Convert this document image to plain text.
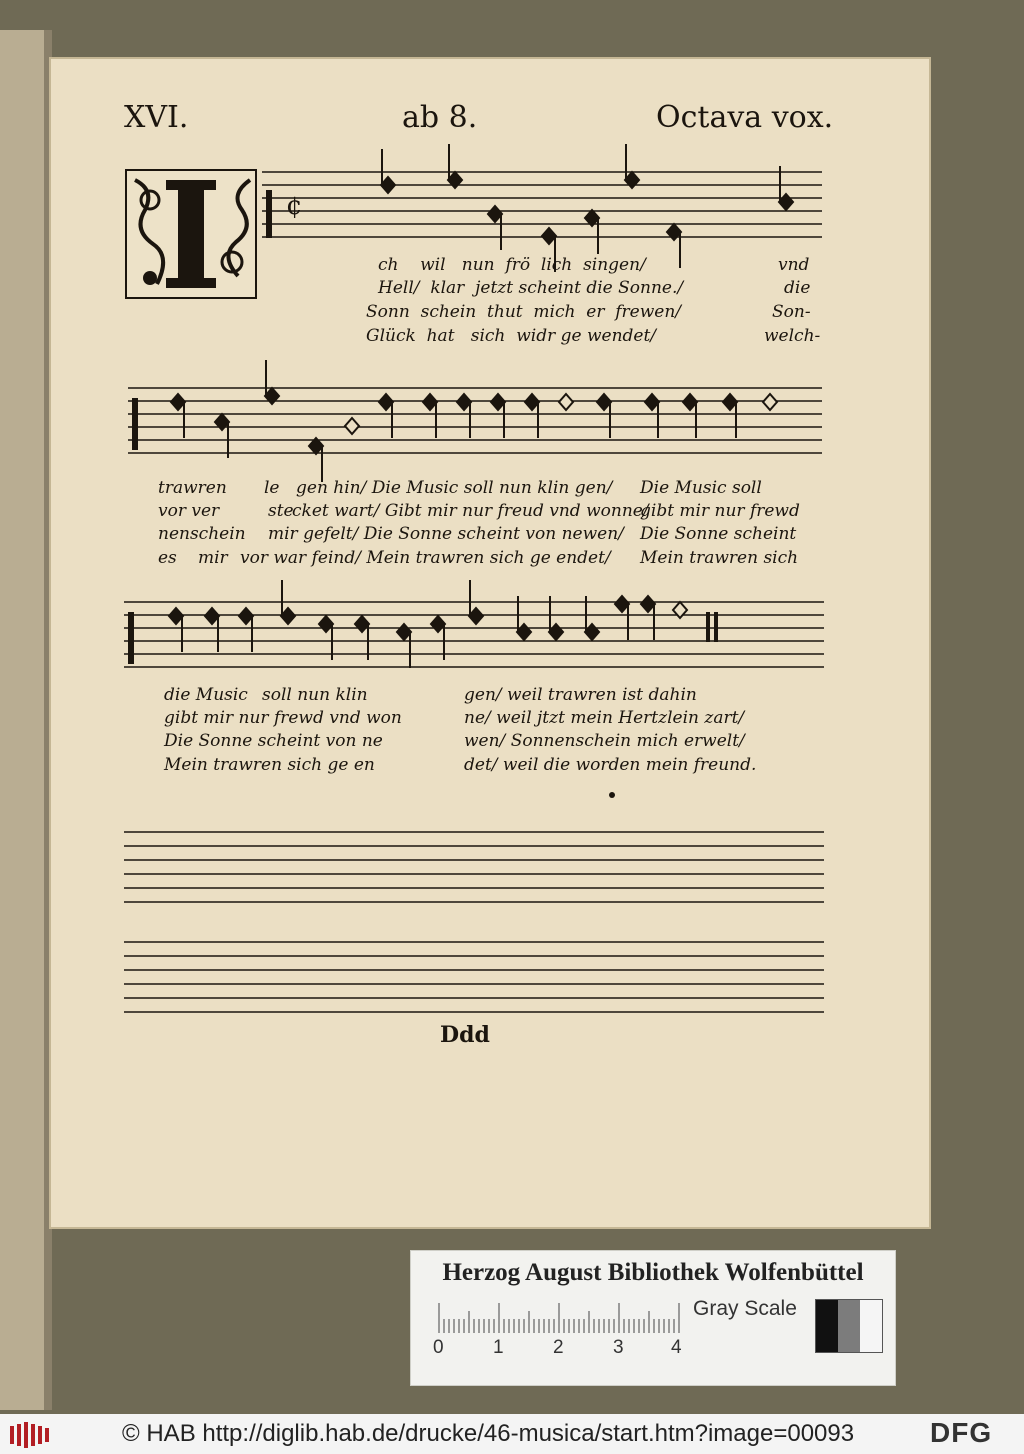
¢
XVI.	ab 8.	Octava vox.
ch wil nun frö lich singen/	vnd
Hell/ klar jetzt scheint die Sonne./	die
Sonn schein thut mich er frewen/	Son-
Glück hat sich widr ge wendet/	welch-
trawren le gen hin/ Die Music soll nun klin gen/ Die Music soll
vor ver	ste
cket wart/ Gibt mir nur freud vnd wonne/
gibt mir nur frewd
nenschein mir ge felt/ Die Sonne scheint von newen/ Die Sonne scheint
es mir vor war feind/ Mein trawren sich ge endet/ Mein trawren sich
die Music soll nun klin	gen/ weil trawren ist dahin
gibt mir nur frewd vnd won	ne/ weil jtzt mein Hertzlein zart/
Die Sonne scheint von ne	wen/ Sonnenschein mich erwelt/
Mein trawren sich ge en	det/ weil die worden mein freund.
Ddd
Herzog August Bibliothek Wolfenbüttel
Gray Scale
0	1	2	3 4
© HAB http://diglib.hab.de/drucke/46-musica/start.htm?image=00093	DFG
